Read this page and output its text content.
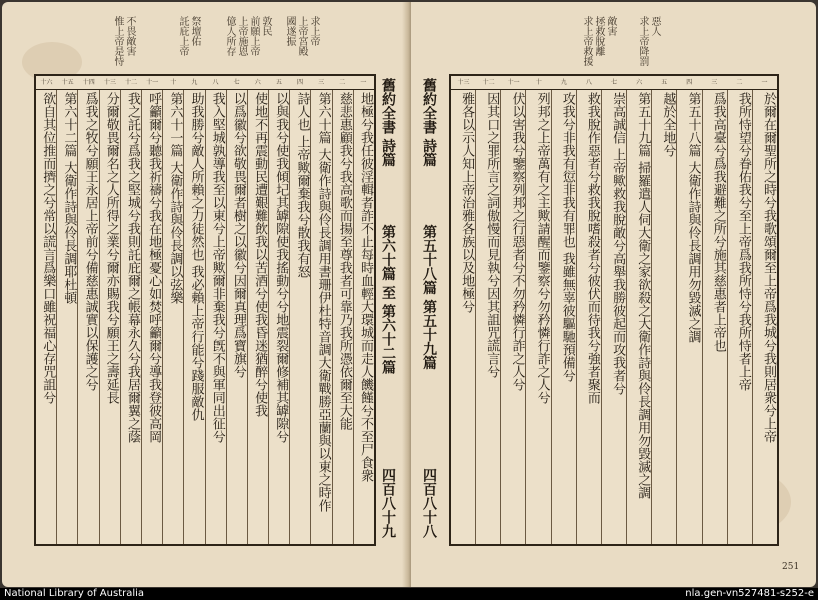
惟上帝是恃 不畏敵害	託庇上帝 祭壇佑 億人所存 上帝施恩 前願上帝 敦民 國遂振 上帝宮殿 求上帝
一
二
三
四
五
六
七
八
九
十
十一
十二
十三
十四
十五
十六
地極兮我任彼淫輯者詐不止每時血輕大環城而走人饑饉兮不至尸食衆
慈悲惠顧我兮我高歌而揚至尊我者可靠乃我所憑依爾至大能
第六十篇 大衛作詩與伶長調用書珊伊杜特音調大衛戰勝亞蘭與以東之時作
詩人也 上帝歟爾棄我兮散我有怒
以與我兮使我傾圮其罅隙使我搖動兮兮地震裂爾修補其罅隙兮
使地不再震動民遭艱難飲我以苦酒兮使我昏迷猶醉兮使我
以爲徽兮欲敬畏爾者樹之以徽兮因爾真理爲寶旗兮
我入堅城孰導我至以東兮上帝歟爾非棄我兮旣不與軍同出征兮
助我勝兮敵人所賴之力徒然也 我必賴上帝行能兮踐服敵仇
第六十一篇 大衛作詩與伶長調以弦樂
呼籲爾兮聽我祈禱兮我在地極憂心如焚呼籲爾兮導我登彼高岡
我之託兮爲我之堅城兮我則託庇爾之帳幕永久兮我居爾翼之蔭
分爾敬畏爾名之人所得之業兮爾亦賜我兮願王之壽延長
爲我之牧兮願王永居上帝前兮備慈惠誠實以保護之兮
第六十二篇 大衛作詩與伶長調耶杜頓
欲自其位推而擠之兮常以謊言爲樂口雖祝福心存咒詛兮	舊約全書 詩篇  第六十篇 至 第六十二篇
四百八十九
求上帝降罰 惡人
求上帝救援 拯救脫離 敵害
一
二
三
四
五
六
七
八
九
十
十一
十二
十三
於爾在爾聖所之時兮我歌頌爾至上帝爲我城兮我則居衆兮上帝
我所恃望兮眷佑我兮至上帝爲我所恃兮我所恃者上帝
爲我高臺兮爲我避難之所兮施其慈惠者上帝也
第五十八篇 大衛作詩與伶長調用勿毀滅之調
越於全地兮
第五十九篇 掃羅遣人伺大衛之家欲殺之大衛作詩與伶長調用勿毀滅之調
崇高誠信 上帝歟救我脫敵兮高舉我勝彼起而攻我者兮
救我脫作惡者兮救我脫嗜殺者兮彼伏而待我兮強者聚而
攻我兮非我有愆非我有罪也 我雖無辜彼驅馳預備兮
列邦之上帝萬有之主歟請醒而鑒察兮勿矜憐行詐之人兮
伏以害我兮鑒察列邦之行惡者兮不勿矜憐行詐之人兮
因其口之罪所言之詞傲慢而見執兮因其詛咒謊言兮
雅各以示人知上帝治雅各族以及地極兮
舊約全書 詩篇  第五十八篇 第五十九篇
四百八十八
251
National Library of Australia	nla.gen-vn527481-s252-e
